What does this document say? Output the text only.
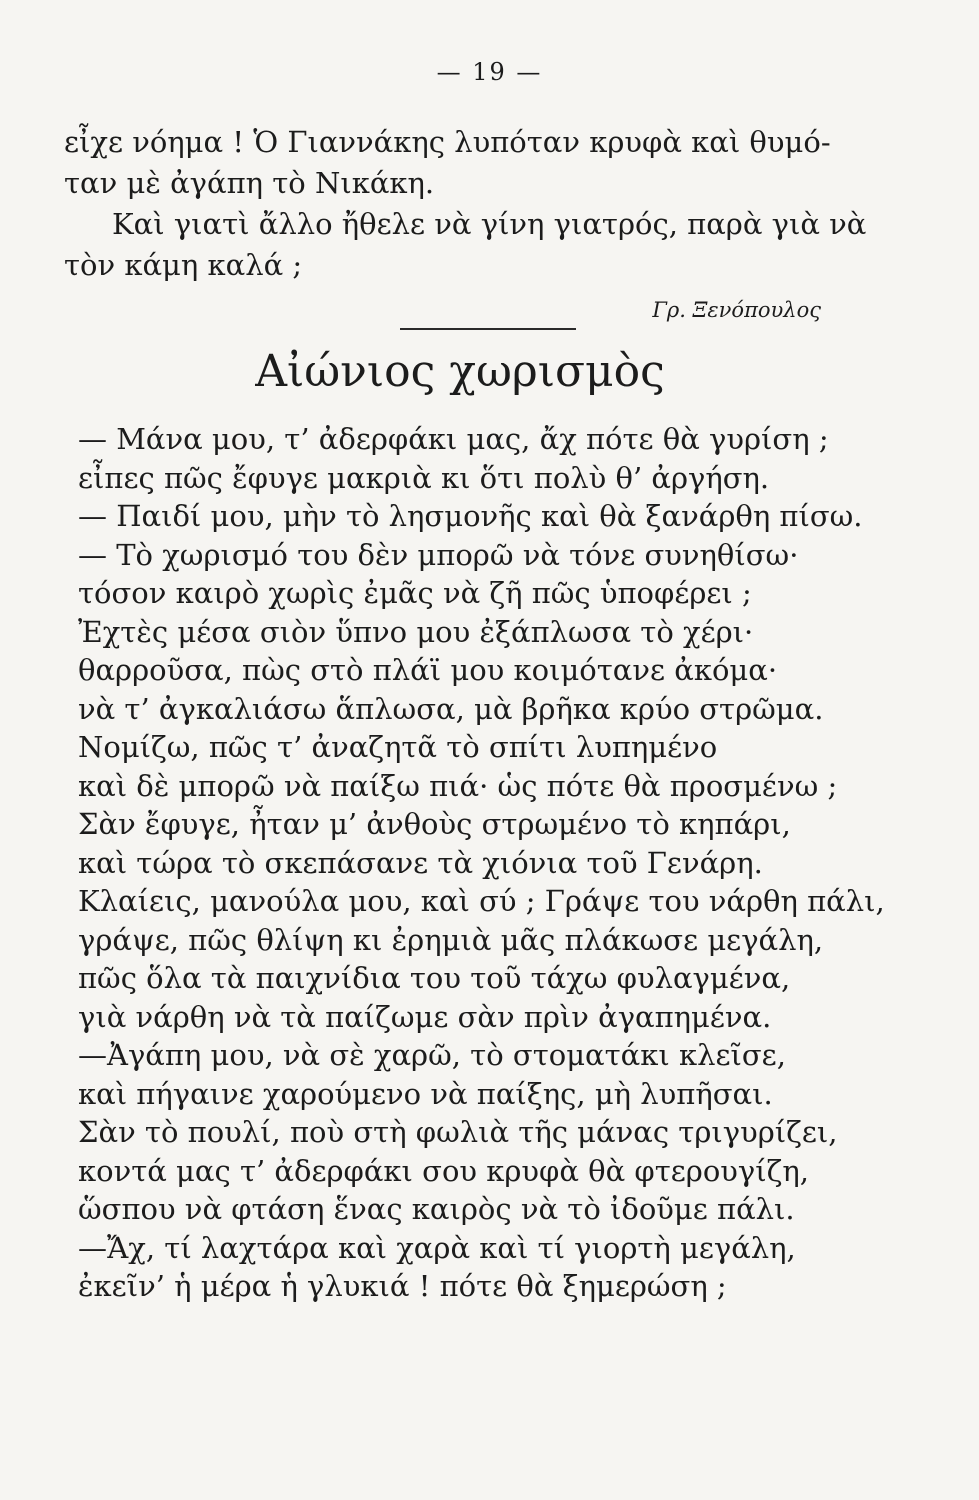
— 19 —
εἶχε νόημα ! Ὁ Γιαννάκης λυπόταν κρυφὰ καὶ θυμό-
ταν μὲ ἀγάπη τὸ Νικάκη.
Καὶ γιατὶ ἄλλο ἤθελε νὰ γίνη γιατρός, παρὰ γιὰ νὰ
τὸν κάμη καλά ;
Γρ. Ξενόπουλος
Αἰώνιος χωρισμὸς
— Μάνα μου, τ’ ἀδερφάκι μας, ἄχ πότε θὰ γυρίση ;
εἶπες πῶς ἔφυγε μακριὰ κι ὅτι πολὺ θ’ ἀργήση.
— Παιδί μου, μὴν τὸ λησμονῆς καὶ θὰ ξανάρθη πίσω.
— Τὸ χωρισμό του δὲν μπορῶ νὰ τόνε συνηθίσω·
τόσον καιρὸ χωρὶς ἐμᾶς νὰ ζῆ πῶς ὑποφέρει ;
Ἐχτὲς μέσα σιὸν ὕπνο μου ἐξάπλωσα τὸ χέρι·
θαρροῦσα, πὼς στὸ πλάϊ μου κοιμότανε ἀκόμα·
νὰ τ’ ἀγκαλιάσω ἅπλωσα, μὰ βρῆκα κρύο στρῶμα.
Νομίζω, πῶς τ’ ἀναζητᾶ τὸ σπίτι λυπημένο
καὶ δὲ μπορῶ νὰ παίξω πιά· ὡς πότε θὰ προσμένω ;
Σὰν ἔφυγε, ἦταν μ’ ἀνθοὺς στρωμένο τὸ κηπάρι,
καὶ τώρα τὸ σκεπάσανε τὰ χιόνια τοῦ Γενάρη.
Κλαίεις, μανούλα μου, καὶ σύ ; Γράψε του νάρθη πάλι,
γράψε, πῶς θλίψη κι ἐρημιὰ μᾶς πλάκωσε μεγάλη,
πῶς ὅλα τὰ παιχνίδια του τοῦ τάχω φυλαγμένα,
γιὰ νάρθη νὰ τὰ παίζωμε σὰν πρὶν ἀγαπημένα.
—Ἀγάπη μου, νὰ σὲ χαρῶ, τὸ στοματάκι κλεῖσε,
καὶ πήγαινε χαρούμενο νὰ παίξης, μὴ λυπῆσαι.
Σὰν τὸ πουλί, ποὺ στὴ φωλιὰ τῆς μάνας τριγυρίζει,
κοντά μας τ’ ἀδερφάκι σου κρυφὰ θὰ φτερουγίζη,
ὥσπου νὰ φτάση ἕνας καιρὸς νὰ τὸ ἰδοῦμε πάλι.
—Ἄχ, τί λαχτάρα καὶ χαρὰ καὶ τί γιορτὴ μεγάλη,
ἐκεῖν’ ἡ μέρα ἡ γλυκιά ! πότε θὰ ξημερώση ;
